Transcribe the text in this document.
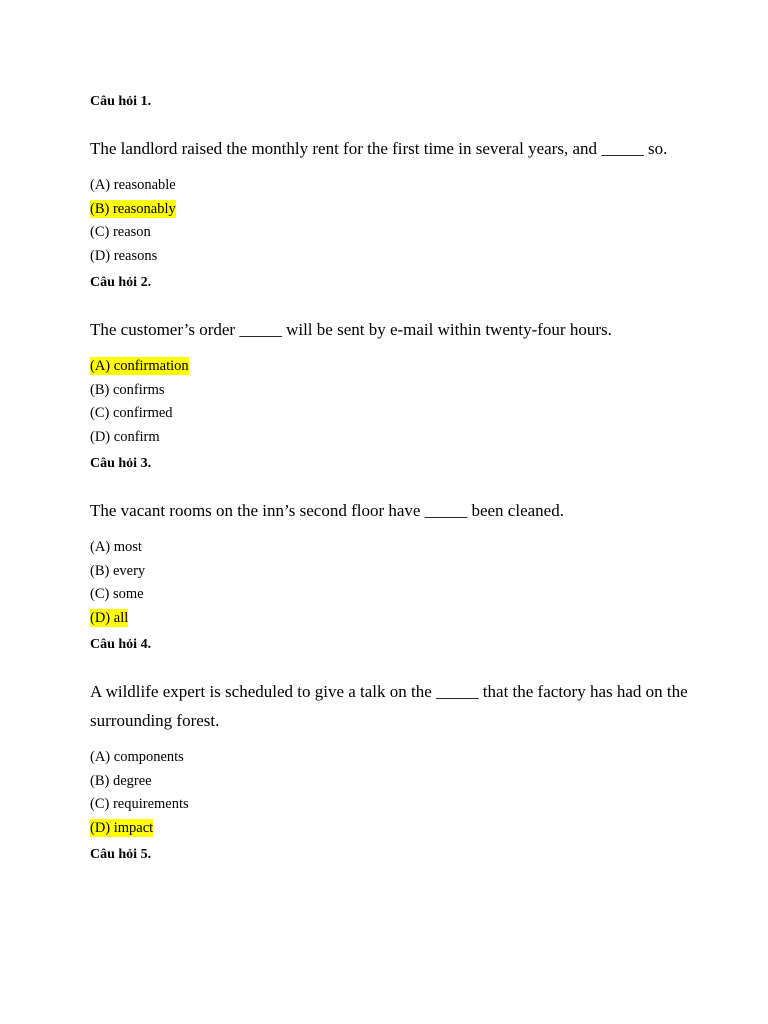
Câu hỏi 1.
The landlord raised the monthly rent for the first time in several years, and _____ so.
(A) reasonable
(B) reasonably
(C) reason
(D) reasons
Câu hỏi 2.
The customer’s order _____ will be sent by e-mail within twenty-four hours.
(A) confirmation
(B) confirms
(C) confirmed
(D) confirm
Câu hỏi 3.
The vacant rooms on the inn’s second floor have _____ been cleaned.
(A) most
(B) every
(C) some
(D) all
Câu hỏi 4.
A wildlife expert is scheduled to give a talk on the _____ that the factory has had on the surrounding forest.
(A) components
(B) degree
(C) requirements
(D) impact
Câu hỏi 5.
